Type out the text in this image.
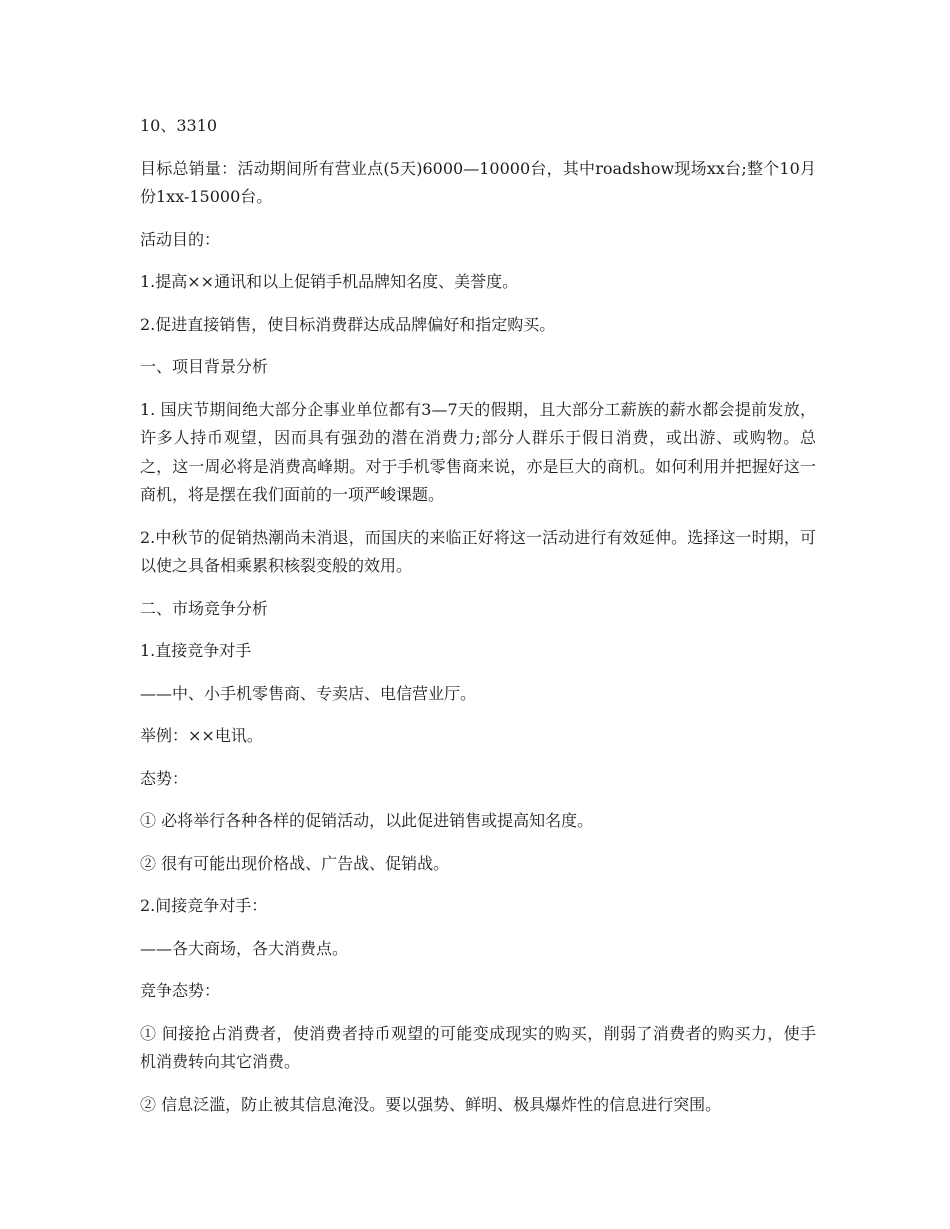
10、3310

目标总销量：活动期间所有营业点(5天)6000—10000台，其中roadshow现场xx台;整个10月份1xx-15000台。

活动目的：

1.提高××通讯和以上促销手机品牌知名度、美誉度。

2.促进直接销售，使目标消费群达成品牌偏好和指定购买。

一、项目背景分析

1. 国庆节期间绝大部分企事业单位都有3—7天的假期，且大部分工薪族的薪水都会提前发放，许多人持币观望，因而具有强劲的潜在消费力;部分人群乐于假日消费，或出游、或购物。总之，这一周必将是消费高峰期。对于手机零售商来说，亦是巨大的商机。如何利用并把握好这一商机，将是摆在我们面前的一项严峻课题。

2.中秋节的促销热潮尚未消退，而国庆的来临正好将这一活动进行有效延伸。选择这一时期，可以使之具备相乘累积核裂变般的效用。

二、市场竞争分析

1.直接竞争对手

——中、小手机零售商、专卖店、电信营业厅。

举例：××电讯。

态势：

① 必将举行各种各样的促销活动，以此促进销售或提高知名度。

② 很有可能出现价格战、广告战、促销战。

2.间接竞争对手：

——各大商场，各大消费点。

竞争态势：

① 间接抢占消费者，使消费者持币观望的可能变成现实的购买，削弱了消费者的购买力，使手机消费转向其它消费。

② 信息泛滥，防止被其信息淹没。要以强势、鲜明、极具爆炸性的信息进行突围。
